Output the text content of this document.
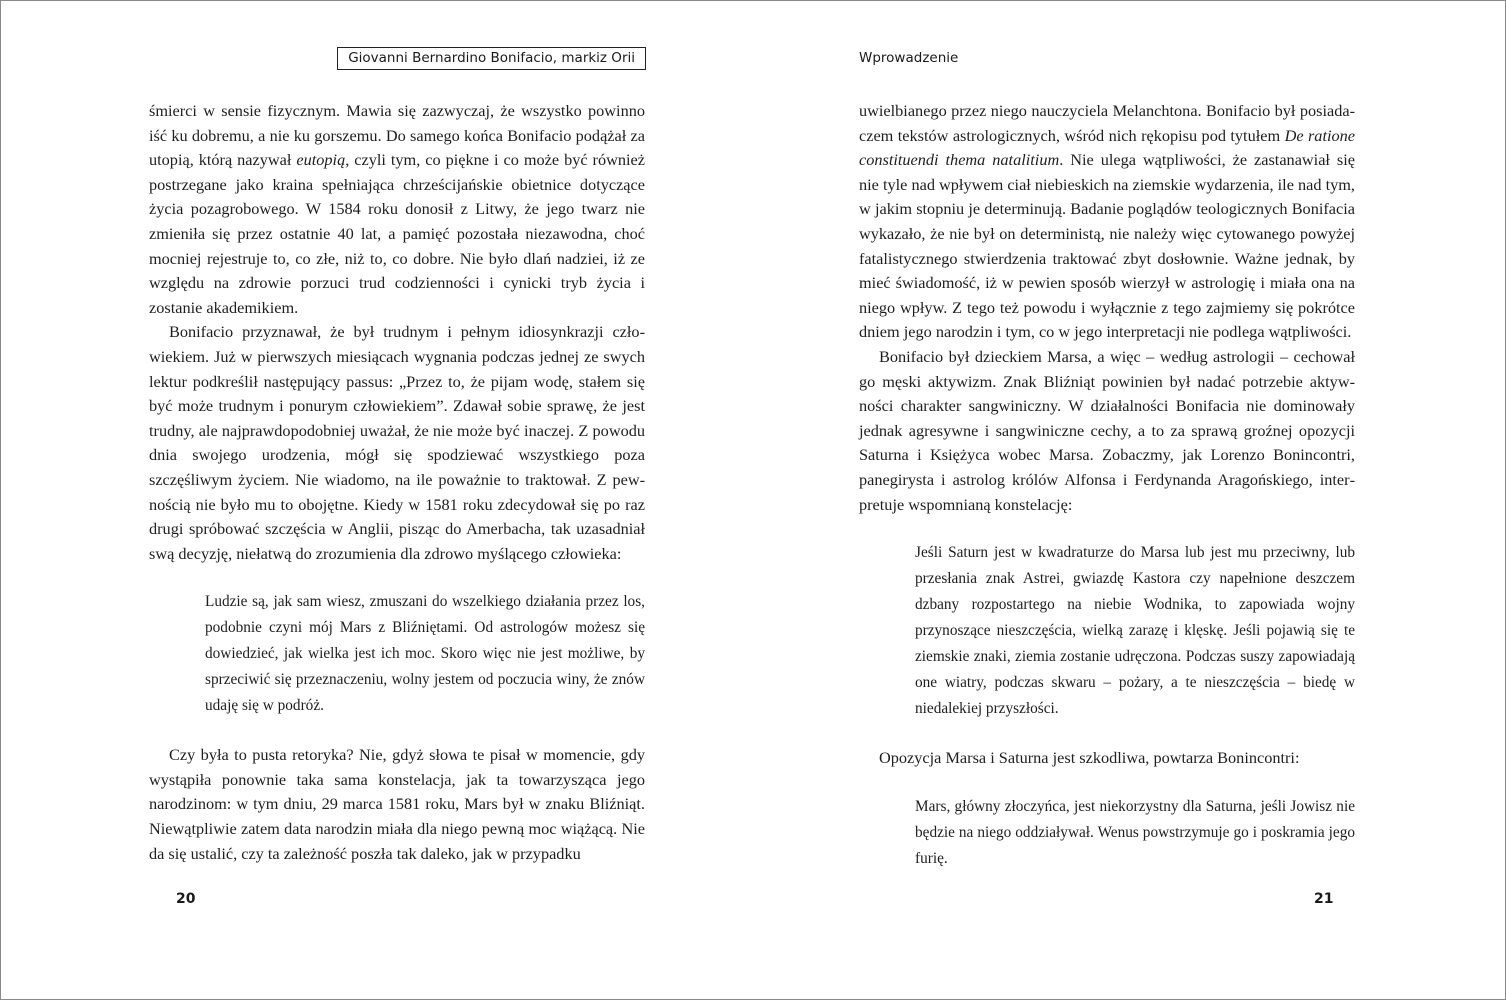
Giovanni Bernardino Bonifacio, markiz Orii

śmierci w sensie fizycznym. Mawia się zazwyczaj, że wszystko powinno iść ku dobremu, a nie ku gorszemu. Do samego końca Bonifacio podążał za utopią, którą nazywał eutopią, czyli tym, co piękne i co może być również postrzegane jako kraina spełniająca chrześcijańskie obietnice dotyczące życia pozagrobowego. W 1584 roku donosił z Litwy, że jego twarz nie zmieniła się przez ostatnie 40 lat, a pamięć pozostała niezawodna, choć mocniej rejestruje to, co złe, niż to, co dobre. Nie było dlań nadziei, iż ze względu na zdrowie porzuci trud codzienności i cynicki tryb życia i zostanie akademikiem.

Bonifacio przyznawał, że był trudnym i pełnym idiosynkrazji człowiekiem. Już w pierwszych miesiącach wygnania podczas jednej ze swych lektur podkreślił następujący passus: „Przez to, że pijam wodę, stałem się być może trudnym i ponurym człowiekiem”. Zdawał sobie sprawę, że jest trudny, ale najprawdopodobniej uważał, że nie może być inaczej. Z powodu dnia swojego urodzenia, mógł się spodziewać wszystkiego poza szczęśliwym życiem. Nie wiadomo, na ile poważnie to traktował. Z pewnością nie było mu to obojętne. Kiedy w 1581 roku zdecydował się po raz drugi spróbować szczęścia w Anglii, pisząc do Amerbacha, tak uzasadniał swą decyzję, niełatwą do zrozumienia dla zdrowo myślącego człowieka:

Ludzie są, jak sam wiesz, zmuszani do wszelkiego działania przez los, podobnie czyni mój Mars z Bliźniętami. Od astrologów możesz się dowiedzieć, jak wielka jest ich moc. Skoro więc nie jest możliwe, by sprzeciwić się przeznaczeniu, wolny jestem od poczucia winy, że znów udaję się w podróż.

Czy była to pusta retoryka? Nie, gdyż słowa te pisał w momencie, gdy wystąpiła ponownie taka sama konstelacja, jak ta towarzysząca jego narodzinom: w tym dniu, 29 marca 1581 roku, Mars był w znaku Bliźniąt. Niewątpliwie zatem data narodzin miała dla niego pewną moc wiążącą. Nie da się ustalić, czy ta zależność poszła tak daleko, jak w przypadku

20
Wprowadzenie

uwielbianego przez niego nauczyciela Melanchtona. Bonifacio był posiadaczem tekstów astrologicznych, wśród nich rękopisu pod tytułem De ratione constituendi thema natalitium. Nie ulega wątpliwości, że zastanawiał się nie tyle nad wpływem ciał niebieskich na ziemskie wydarzenia, ile nad tym, w jakim stopniu je determinują. Badanie poglądów teologicznych Bonifacia wykazało, że nie był on deterministą, nie należy więc cytowanego powyżej fatalistycznego stwierdzenia traktować zbyt dosłownie. Ważne jednak, by mieć świadomość, iż w pewien sposób wierzył w astrologię i miała ona na niego wpływ. Z tego też powodu i wyłącznie z tego zajmiemy się pokrótce dniem jego narodzin i tym, co w jego interpretacji nie podlega wątpliwości.

Bonifacio był dzieckiem Marsa, a więc – według astrologii – cechował go męski aktywizm. Znak Bliźniąt powinien był nadać potrzebie aktywności charakter sangwiniczny. W działalności Bonifacia nie dominowały jednak agresywne i sangwiniczne cechy, a to za sprawą groźnej opozycji Saturna i Księżyca wobec Marsa. Zobaczmy, jak Lorenzo Bonincontri, panegirysta i astrolog królów Alfonsa i Ferdynanda Aragońskiego, interpretuje wspomnianą konstelację:

Jeśli Saturn jest w kwadraturze do Marsa lub jest mu przeciwny, lub przesłania znak Astrei, gwiazdę Kastora czy napełnione deszczem dzbany rozpostartego na niebie Wodnika, to zapowiada wojny przynoszące nieszczęścia, wielką zarazę i klęskę. Jeśli pojawią się te ziemskie znaki, ziemia zostanie udręczona. Podczas suszy zapowiadają one wiatry, podczas skwaru – pożary, a te nieszczęścia – biedę w niedalekiej przyszłości.

Opozycja Marsa i Saturna jest szkodliwa, powtarza Bonincontri:

Mars, główny złoczyńca, jest niekorzystny dla Saturna, jeśli Jowisz nie będzie na niego oddziaływał. Wenus powstrzymuje go i poskramia jego furię.

21
